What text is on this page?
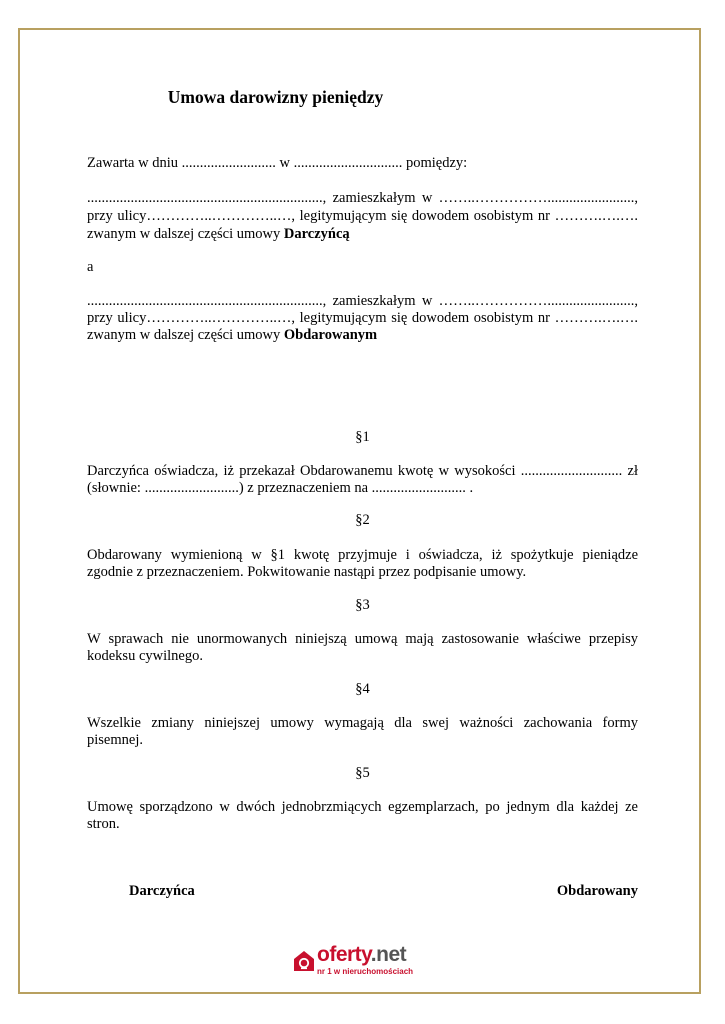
Umowa darowizny pieniędzy
Zawarta w dniu .......................... w .............................. pomiędzy:
................................................................., zamieszkałym w ……..……………........................,
przy ulicy…………..…………..…, legitymującym się dowodem osobistym nr ……….….….
zwanym w dalszej części umowy Darczyńcą
a
................................................................., zamieszkałym w ……..……………........................,
przy ulicy…………..…………..…, legitymującym się dowodem osobistym nr ……….….….
zwanym w dalszej części umowy Obdarowanym
§1
Darczyńca oświadcza, iż przekazał Obdarowanemu kwotę w wysokości ............................ zł
(słownie: ..........................) z przeznaczeniem na .......................... .
§2
Obdarowany wymienioną w §1 kwotę przyjmuje i oświadcza, iż spożytkuje pieniądze
zgodnie z przeznaczeniem. Pokwitowanie nastąpi przez podpisanie umowy.
§3
W sprawach nie unormowanych niniejszą umową mają zastosowanie właściwe przepisy
kodeksu cywilnego.
§4
Wszelkie zmiany niniejszej umowy wymagają dla swej ważności zachowania formy
pisemnej.
§5
Umowę sporządzono w dwóch jednobrzmiących egzemplarzach, po jednym dla każdej ze
stron.
Darczyńca	Obdarowany
oferty.net
nr 1 w nieruchomościach
